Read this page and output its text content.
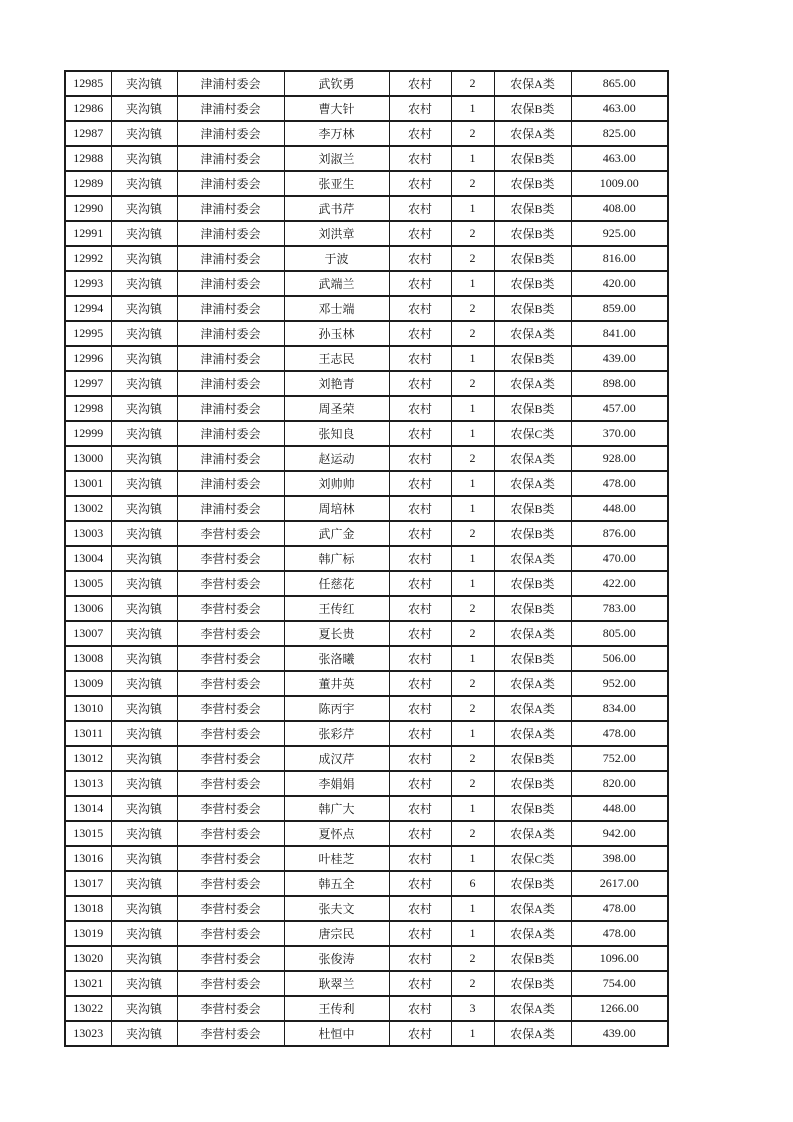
12985	夹沟镇	津浦村委会	武钦勇	农村	2	农保A类	865.00
12986	夹沟镇	津浦村委会	曹大针	农村	1	农保B类	463.00
12987	夹沟镇	津浦村委会	李万林	农村	2	农保A类	825.00
12988	夹沟镇	津浦村委会	刘淑兰	农村	1	农保B类	463.00
12989	夹沟镇	津浦村委会	张亚生	农村	2	农保B类	1009.00
12990	夹沟镇	津浦村委会	武书芹	农村	1	农保B类	408.00
12991	夹沟镇	津浦村委会	刘洪章	农村	2	农保B类	925.00
12992	夹沟镇	津浦村委会	于波	农村	2	农保B类	816.00
12993	夹沟镇	津浦村委会	武端兰	农村	1	农保B类	420.00
12994	夹沟镇	津浦村委会	邓士端	农村	2	农保B类	859.00
12995	夹沟镇	津浦村委会	孙玉林	农村	2	农保A类	841.00
12996	夹沟镇	津浦村委会	王志民	农村	1	农保B类	439.00
12997	夹沟镇	津浦村委会	刘艳青	农村	2	农保A类	898.00
12998	夹沟镇	津浦村委会	周圣荣	农村	1	农保B类	457.00
12999	夹沟镇	津浦村委会	张知良	农村	1	农保C类	370.00
13000	夹沟镇	津浦村委会	赵运动	农村	2	农保A类	928.00
13001	夹沟镇	津浦村委会	刘帅帅	农村	1	农保A类	478.00
13002	夹沟镇	津浦村委会	周培林	农村	1	农保B类	448.00
13003	夹沟镇	李营村委会	武广金	农村	2	农保B类	876.00
13004	夹沟镇	李营村委会	韩广标	农村	1	农保A类	470.00
13005	夹沟镇	李营村委会	任慈花	农村	1	农保B类	422.00
13006	夹沟镇	李营村委会	王传红	农村	2	农保B类	783.00
13007	夹沟镇	李营村委会	夏长贵	农村	2	农保A类	805.00
13008	夹沟镇	李营村委会	张洛曦	农村	1	农保B类	506.00
13009	夹沟镇	李营村委会	董井英	农村	2	农保A类	952.00
13010	夹沟镇	李营村委会	陈丙宇	农村	2	农保A类	834.00
13011	夹沟镇	李营村委会	张彩芹	农村	1	农保A类	478.00
13012	夹沟镇	李营村委会	成汉芹	农村	2	农保B类	752.00
13013	夹沟镇	李营村委会	李娟娟	农村	2	农保B类	820.00
13014	夹沟镇	李营村委会	韩广大	农村	1	农保B类	448.00
13015	夹沟镇	李营村委会	夏怀点	农村	2	农保A类	942.00
13016	夹沟镇	李营村委会	叶桂芝	农村	1	农保C类	398.00
13017	夹沟镇	李营村委会	韩五全	农村	6	农保B类	2617.00
13018	夹沟镇	李营村委会	张夫文	农村	1	农保A类	478.00
13019	夹沟镇	李营村委会	唐宗民	农村	1	农保A类	478.00
13020	夹沟镇	李营村委会	张俊涛	农村	2	农保B类	1096.00
13021	夹沟镇	李营村委会	耿翠兰	农村	2	农保B类	754.00
13022	夹沟镇	李营村委会	王传利	农村	3	农保A类	1266.00
13023	夹沟镇	李营村委会	杜恒中	农村	1	农保A类	439.00
